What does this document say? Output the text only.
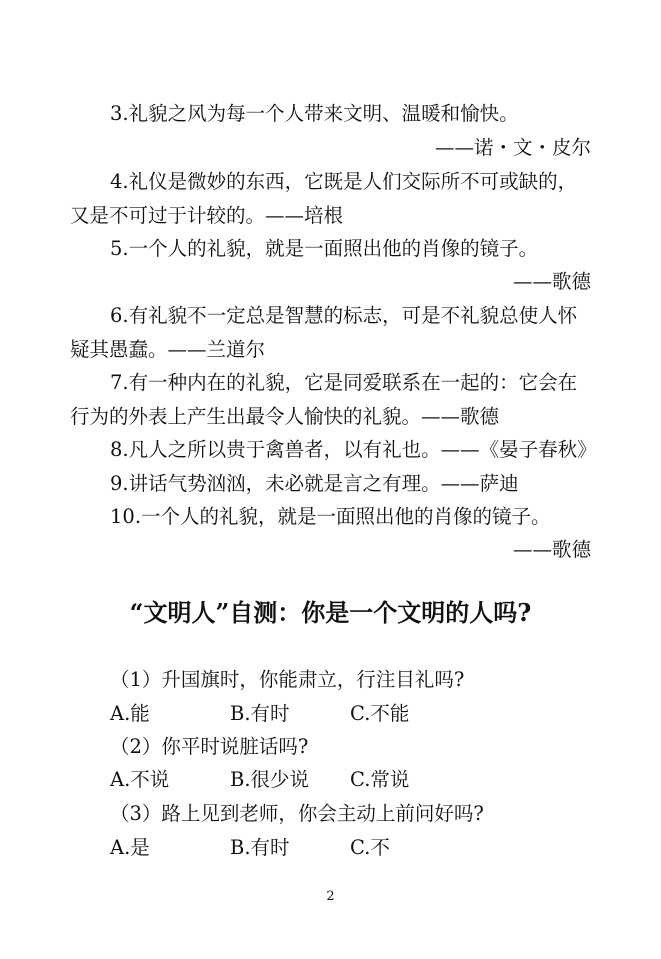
3.礼貌之风为每一个人带来文明、温暖和愉快。
——诺・文・皮尔
4.礼仪是微妙的东西，它既是人们交际所不可或缺的，
又是不可过于计较的。——培根
5.一个人的礼貌，就是一面照出他的肖像的镜子。
——歌德
6.有礼貌不一定总是智慧的标志，可是不礼貌总使人怀
疑其愚蠢。——兰道尔
7.有一种内在的礼貌，它是同爱联系在一起的：它会在
行为的外表上产生出最令人愉快的礼貌。——歌德
8.凡人之所以贵于禽兽者，以有礼也。——《晏子春秋》
9.讲话气势汹汹，未必就是言之有理。——萨迪
10.一个人的礼貌，就是一面照出他的肖像的镜子。
——歌德
“文明人”自测：你是一个文明的人吗?
（1）升国旗时，你能肃立，行注目礼吗?
A.能	B.有时	C.不能
（2）你平时说脏话吗?
A.不说	B.很少说 C.常说
（3）路上见到老师，你会主动上前问好吗?
A.是	B.有时	C.不
2
